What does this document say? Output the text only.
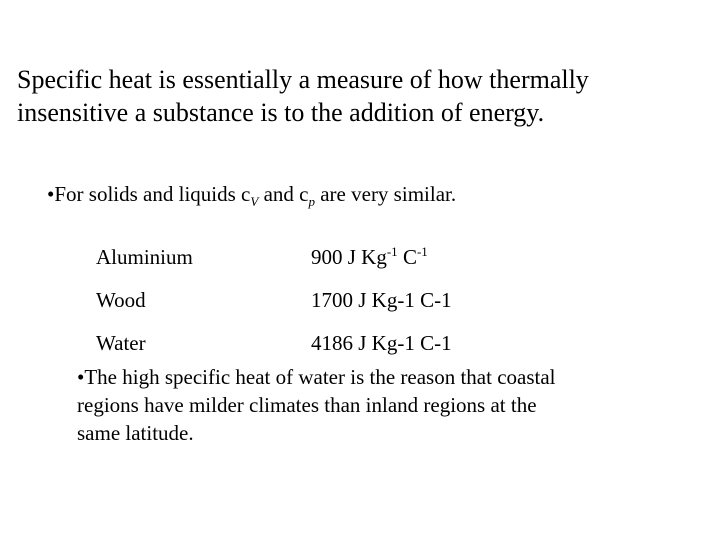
Specific heat is essentially a measure of how thermally
insensitive a substance is to the addition of energy.

•For solids and liquids $c_V$ and $c_p$ are very similar.

Aluminium	900 J $Kg^{-1}$ $C^{-1}$
Wood	1700 J Kg-1 C-1
Water	4186 J Kg-1 C-1

•The high specific heat of water is the reason that coastal
regions have milder climates than inland regions at the
same latitude.
